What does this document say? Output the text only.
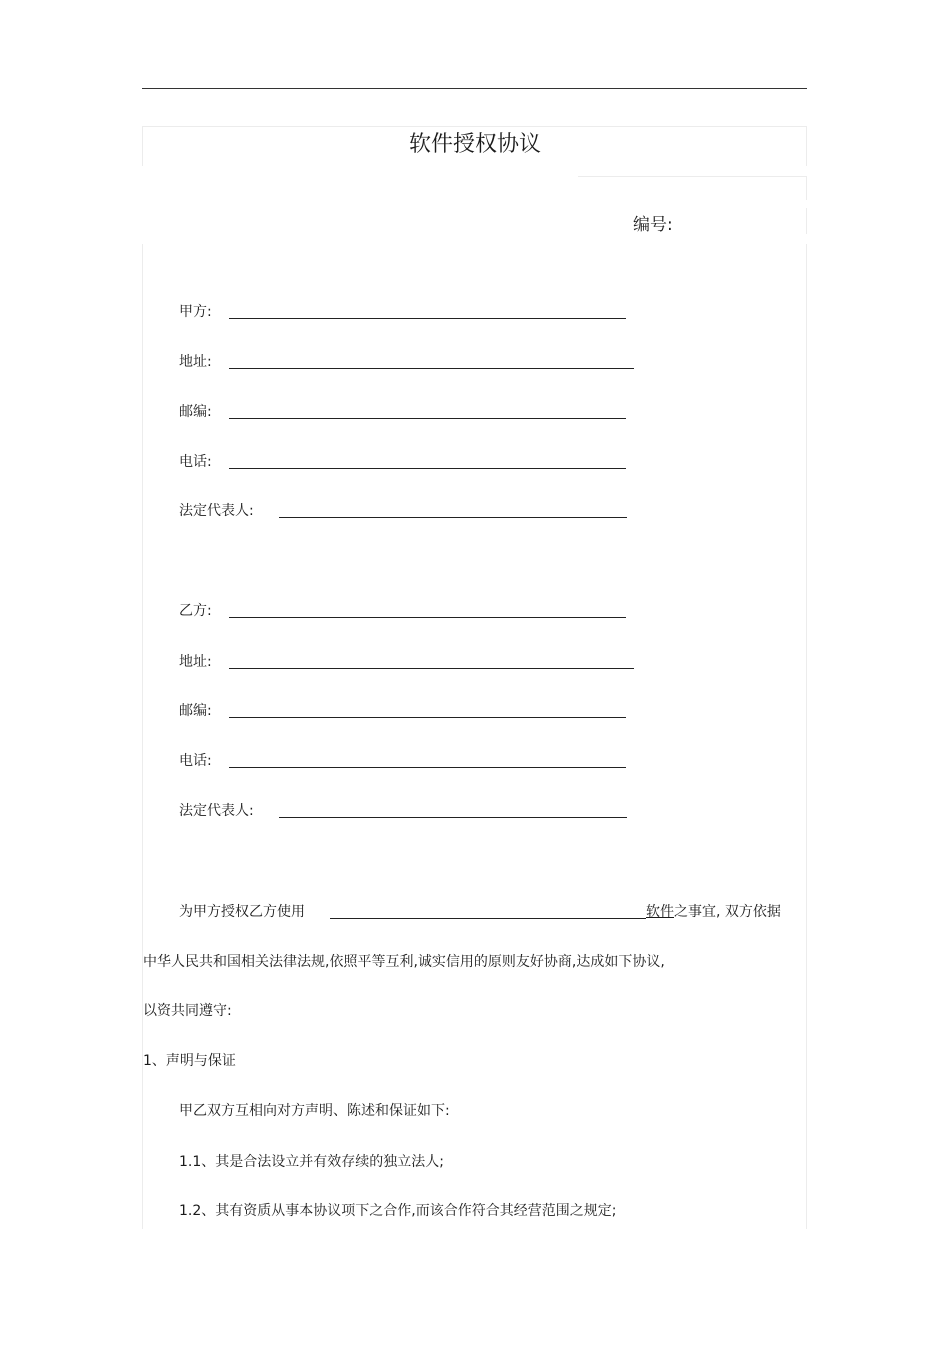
软件授权协议
编号:
甲方:
地址:
邮编:
电话:
法定代表人:
乙方:
地址:
邮编:
电话:
法定代表人:
为甲方授权乙方使用	软件 之事宜, 双方依据
中华人民共和国相关法律法规,依照平等互利,诚实信用的原则友好协商,达成如下协议,
以资共同遵守:
1、声明与保证
甲乙双方互相向对方声明、陈述和保证如下:
1.1、其是合法设立并有效存续的独立法人;
1.2、其有资质从事本协议项下之合作,而该合作符合其经营范围之规定;
